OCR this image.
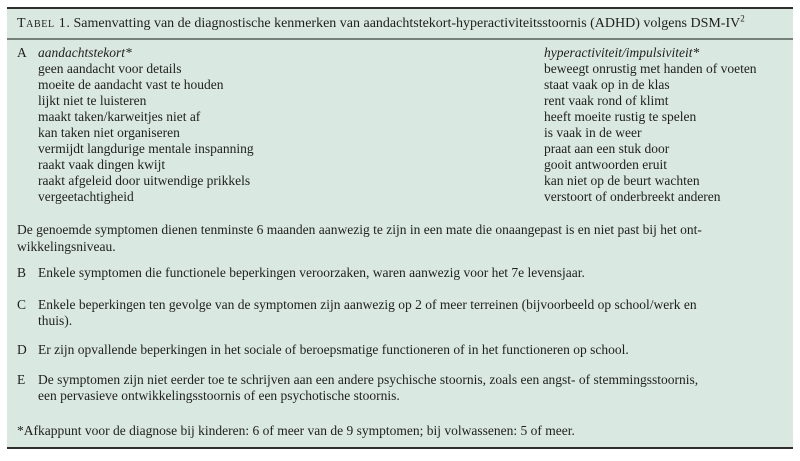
Tabel 1. Samenvatting van de diagnostische kenmerken van aandachtstekort-hyperactiviteitsstoornis (ADHD) volgens DSM-$IV^2$
A aandachtstekort*
geen aandacht voor details
moeite de aandacht vast te houden
lijkt niet te luisteren
maakt taken/karweitjes niet af
kan taken niet organiseren
vermijdt langdurige mentale inspanning
raakt vaak dingen kwijt
raakt afgeleid door uitwendige prikkels
vergeetachtigheid
hyperactiviteit/impulsiviteit*
beweegt onrustig met handen of voeten
staat vaak op in de klas
rent vaak rond of klimt
heeft moeite rustig te spelen
is vaak in de weer
praat aan een stuk door
gooit antwoorden eruit
kan niet op de beurt wachten
verstoort of onderbreekt anderen
De genoemde symptomen dienen tenminste 6 maanden aanwezig te zijn in een mate die onaangepast is en niet past bij het ont-
wikkelingsniveau.
B Enkele symptomen die functionele beperkingen veroorzaken, waren aanwezig voor het 7e levensjaar.
C Enkele beperkingen ten gevolge van de symptomen zijn aanwezig op 2 of meer terreinen (bijvoorbeeld op school/werk en
thuis).
D Er zijn opvallende beperkingen in het sociale of beroepsmatige functioneren of in het functioneren op school.
E De symptomen zijn niet eerder toe te schrijven aan een andere psychische stoornis, zoals een angst- of stemmingsstoornis,
een pervasieve ontwikkelingsstoornis of een psychotische stoornis.
*Afkappunt voor de diagnose bij kinderen: 6 of meer van de 9 symptomen; bij volwassenen: 5 of meer.
